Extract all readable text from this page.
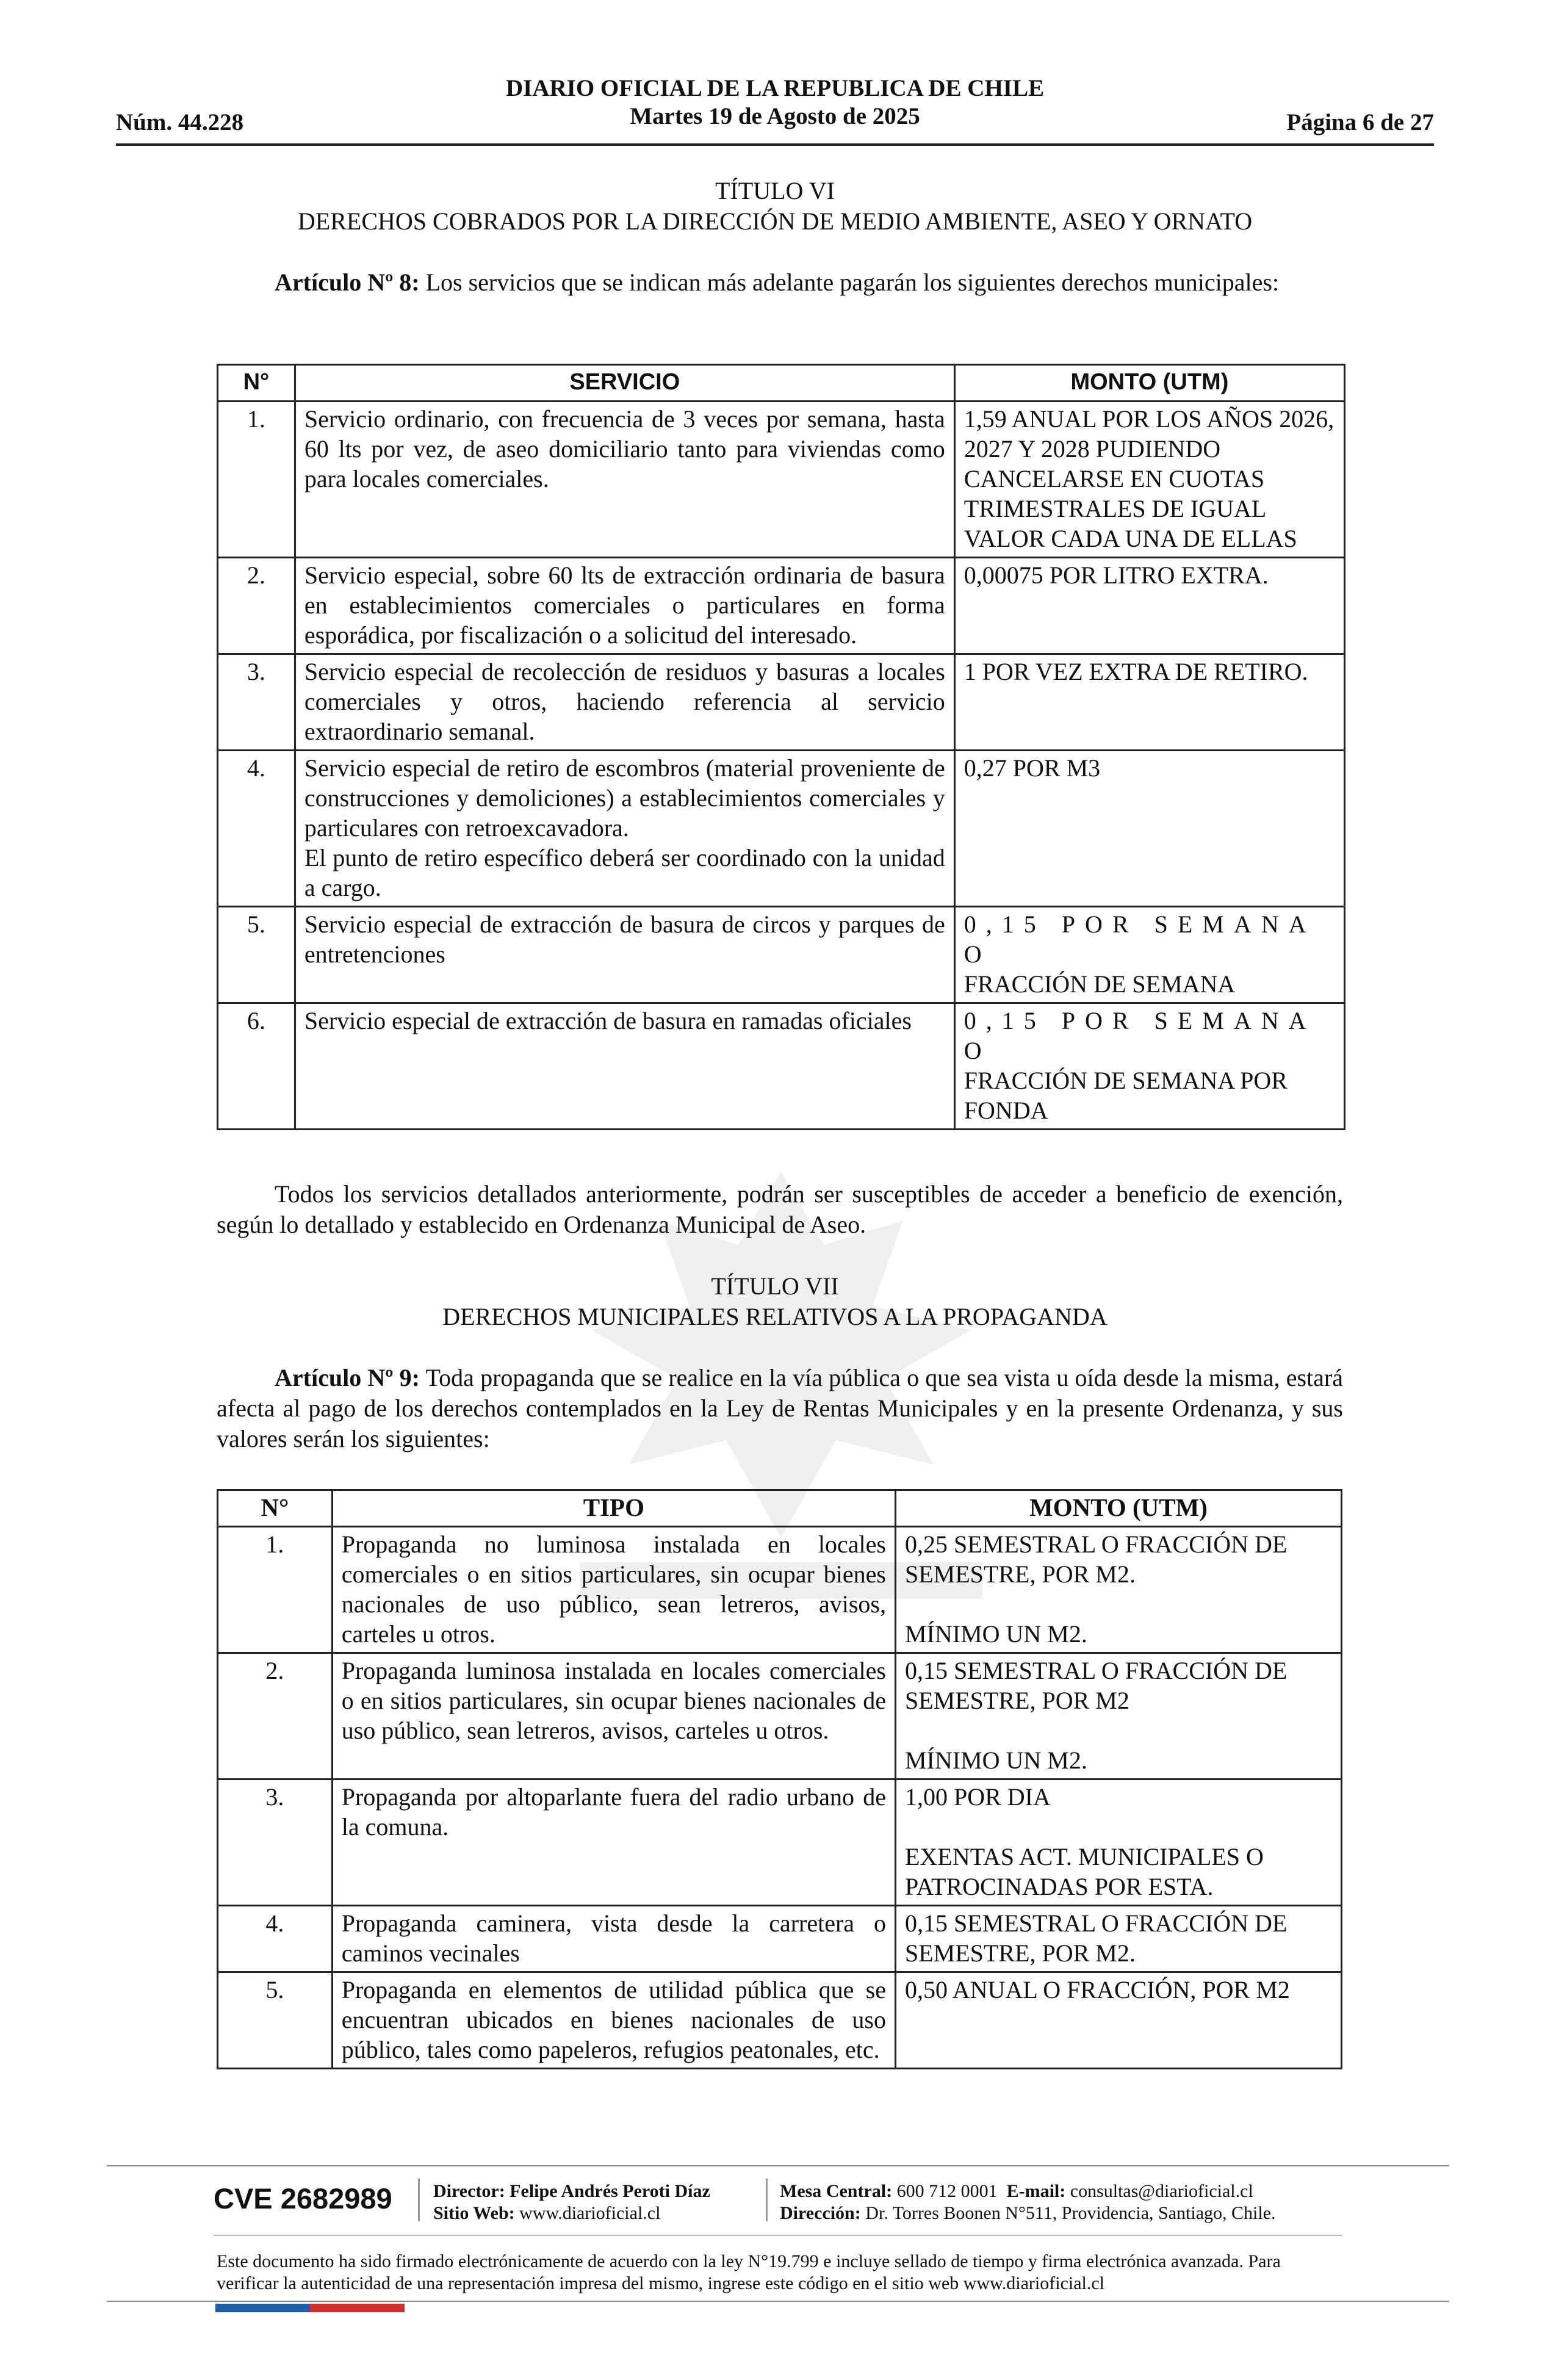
Núm. 44.228
DIARIO OFICIAL DE LA REPUBLICA DE CHILE
Martes 19 de Agosto de 2025	Página 6 de 27
TÍTULO VI
DERECHOS COBRADOS POR LA DIRECCIÓN DE MEDIO AMBIENTE, ASEO Y ORNATO
Artículo Nº 8: Los servicios que se indican más adelante pagarán los siguientes derechos municipales:
N°	SERVICIO	MONTO (UTM)
1.	Servicio ordinario, con frecuencia de 3 veces por semana, hasta 60 lts por vez, de aseo domiciliario tanto para viviendas como para locales comerciales.	1,59 ANUAL POR LOS AÑOS 2026, 2027 Y 2028 PUDIENDO CANCELARSE EN CUOTAS TRIMESTRALES DE IGUAL VALOR CADA UNA DE ELLAS
2.	Servicio especial, sobre 60 lts de extracción ordinaria de basura en establecimientos comerciales o particulares en forma esporádica, por fiscalización o a solicitud del interesado.	0,00075 POR LITRO EXTRA.
3.	Servicio especial de recolección de residuos y basuras a locales comerciales y otros, haciendo referencia al servicio extraordinario semanal.	1 POR VEZ EXTRA DE RETIRO.
4.	Servicio especial de retiro de escombros (material proveniente de construcciones y demoliciones) a establecimientos comerciales y particulares con retroexcavadora.
El punto de retiro específico deberá ser coordinado con la unidad a cargo.	0,27 POR M3
5.	Servicio especial de extracción de basura de circos y parques de entretenciones	0,15 POR SEMANA O
FRACCIÓN DE SEMANA
6.	Servicio especial de extracción de basura en ramadas oficiales	0,15 POR SEMANA O
FRACCIÓN DE SEMANA POR FONDA
Todos los servicios detallados anteriormente, podrán ser susceptibles de acceder a beneficio de exención, según lo detallado y establecido en Ordenanza Municipal de Aseo.
TÍTULO VII
DERECHOS MUNICIPALES RELATIVOS A LA PROPAGANDA
Artículo Nº 9: Toda propaganda que se realice en la vía pública o que sea vista u oída desde la misma, estará afecta al pago de los derechos contemplados en la Ley de Rentas Municipales y en la presente Ordenanza, y sus valores serán los siguientes:
N°	TIPO	MONTO (UTM)
1.	Propaganda no luminosa instalada en locales comerciales o en sitios particulares, sin ocupar bienes nacionales de uso público, sean letreros, avisos, carteles u otros.	0,25 SEMESTRAL O FRACCIÓN DE SEMESTRE, POR M2.

MÍNIMO UN M2.
2.	Propaganda luminosa instalada en locales comerciales o en sitios particulares, sin ocupar bienes nacionales de uso público, sean letreros, avisos, carteles u otros.	0,15 SEMESTRAL O FRACCIÓN DE SEMESTRE, POR M2

MÍNIMO UN M2.
3.	Propaganda por altoparlante fuera del radio urbano de la comuna.	1,00 POR DIA

EXENTAS ACT. MUNICIPALES O PATROCINADAS POR ESTA.
4.	Propaganda caminera, vista desde la carretera o caminos vecinales	0,15 SEMESTRAL O FRACCIÓN DE SEMESTRE, POR M2.
5.	Propaganda en elementos de utilidad pública que se encuentran ubicados en bienes nacionales de uso público, tales como papeleros, refugios peatonales, etc.	0,50 ANUAL O FRACCIÓN, POR M2
CVE 2682989 Director: Felipe Andrés Peroti Díaz
Sitio Web: www.diarioficial.cl
Mesa Central: 600 712 0001 E-mail: consultas@diarioficial.cl
Dirección: Dr. Torres Boonen N°511, Providencia, Santiago, Chile.
Este documento ha sido firmado electrónicamente de acuerdo con la ley N°19.799 e incluye sellado de tiempo y firma electrónica avanzada. Para verificar la autenticidad de una representación impresa del mismo, ingrese este código en el sitio web www.diarioficial.cl
